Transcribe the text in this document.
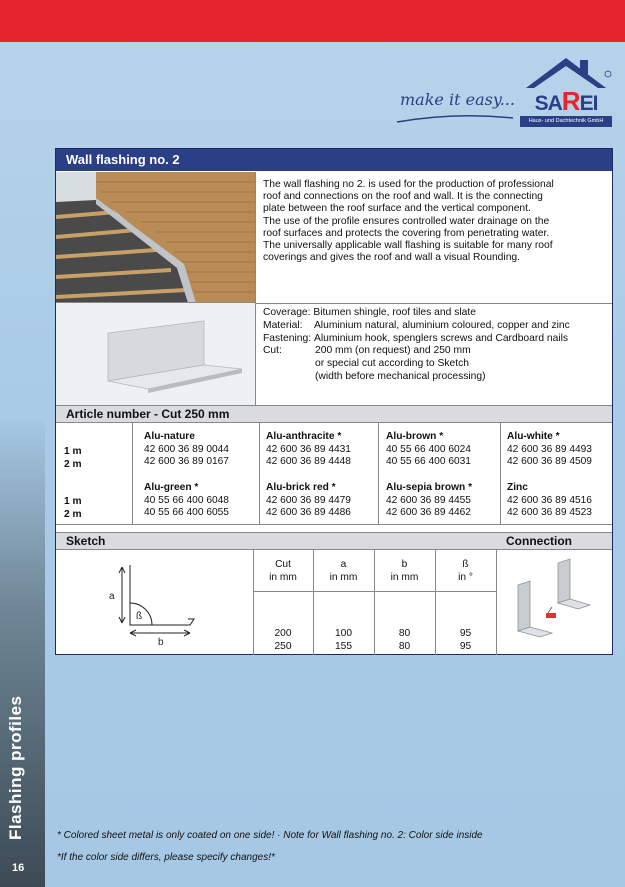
16
make it easy... SAREI
Haus- und Dachtechnik GmbH
Wall flashing no. 2
The wall flashing no 2. is used for the production of professional
roof and connections on the roof and wall. It is the connecting
plate between the roof surface and the vertical component.
The use of the profile ensures controlled water drainage on the
roof surfaces and protects the covering from penetrating water.
The universally applicable wall flashing is suitable for many roof
coverings and gives the roof and wall a visual Rounding.
Coverage:
Bitumen shingle, roof tiles and slate
Material:
Aluminium natural, aluminium coloured, copper and zinc
Fastening:
Aluminium hook, spenglers screws and Cardboard nails
Cut:	200 mm (on request) and 250 mm
or special cut according to Sketch
(width before mechanical processing)
Article number - Cut 250 mm
1 m
2 m
1 m
2 m
Alu-nature
42 600 36 89 0044
42 600 36 89 0167
Alu-anthracite *
42 600 36 89 4431
42 600 36 89 4448
Alu-brown *
40 55 66 400 6024
40 55 66 400 6031
Alu-white *
42 600 36 89 4493
42 600 36 89 4509
Alu-green *
40 55 66 400 6048
40 55 66 400 6055
Alu-brick red *
42 600 36 89 4479
42 600 36 89 4486
Alu-sepia brown *
42 600 36 89 4455
42 600 36 89 4462
Zinc
42 600 36 89 4516
42 600 36 89 4523
Sketch	Connection
a
b
ß
Cut
in mm
200
250
a
in mm
100
155
b
in mm
80
80
ß
in °
95
95
* Colored sheet metal is only coated on one side! · Note for Wall flashing no. 2: Color side inside
*If the color side differs, please specify changes!*
